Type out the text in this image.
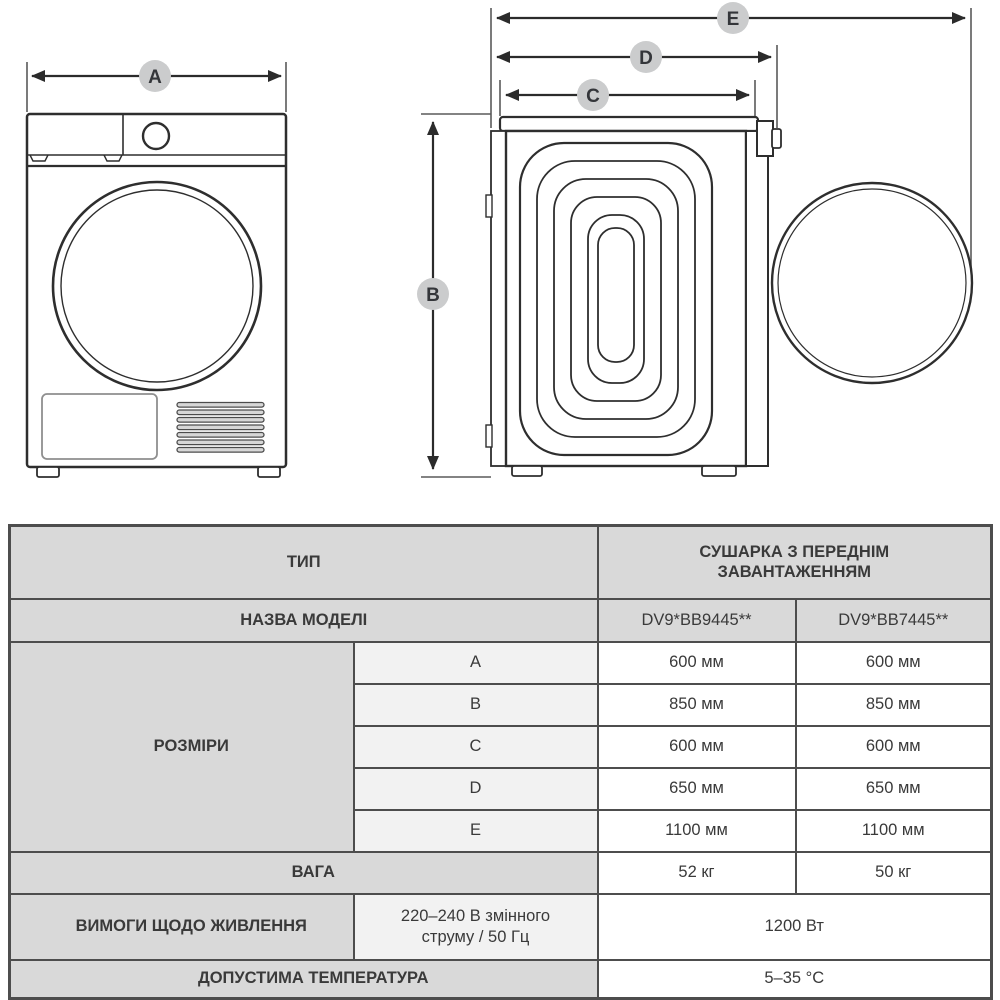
A
B
C
D
E
ТИП		СУШАРКА З ПЕРЕДНІМ ЗАВАНТАЖЕННЯМ	

НАЗВА МОДЕЛІ		DV9*BB9445**	DV9*BB7445**
РОЗМІРИ	A	600 мм	600 мм
	B	850 мм	850 мм
	C	600 мм	600 мм
	D	650 мм	650 мм
	E	1100 мм	1100 мм
ВАГА		52 кг	50 кг
ВИМОГИ ЩОДО ЖИВЛЕННЯ	220–240 В змінного струму / 50 Гц	1200 Вт	
ДОПУСТИМА ТЕМПЕРАТУРА		5–35 °C	
